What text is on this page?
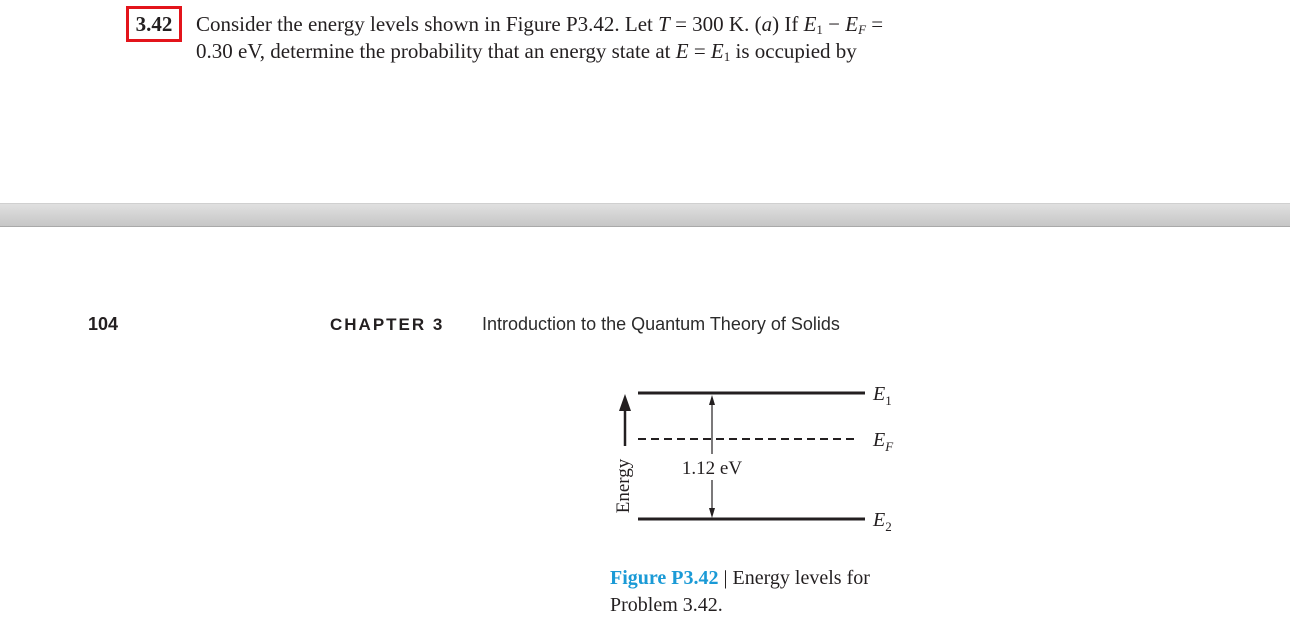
3.42	Consider the energy levels shown in Figure P3.42. Let T = 300 K. (a) If $E_1 - E_F$ =
0.30 eV, determine the probability that an energy state at $E = E_1$ is occupied by
104	CHAPTER 3 Introduction to the Quantum Theory of Solids
Energy	1.12 eV
$E_1$
$E_F$
$E_2$
Figure P3.42 | Energy levels for Problem 3.42.
